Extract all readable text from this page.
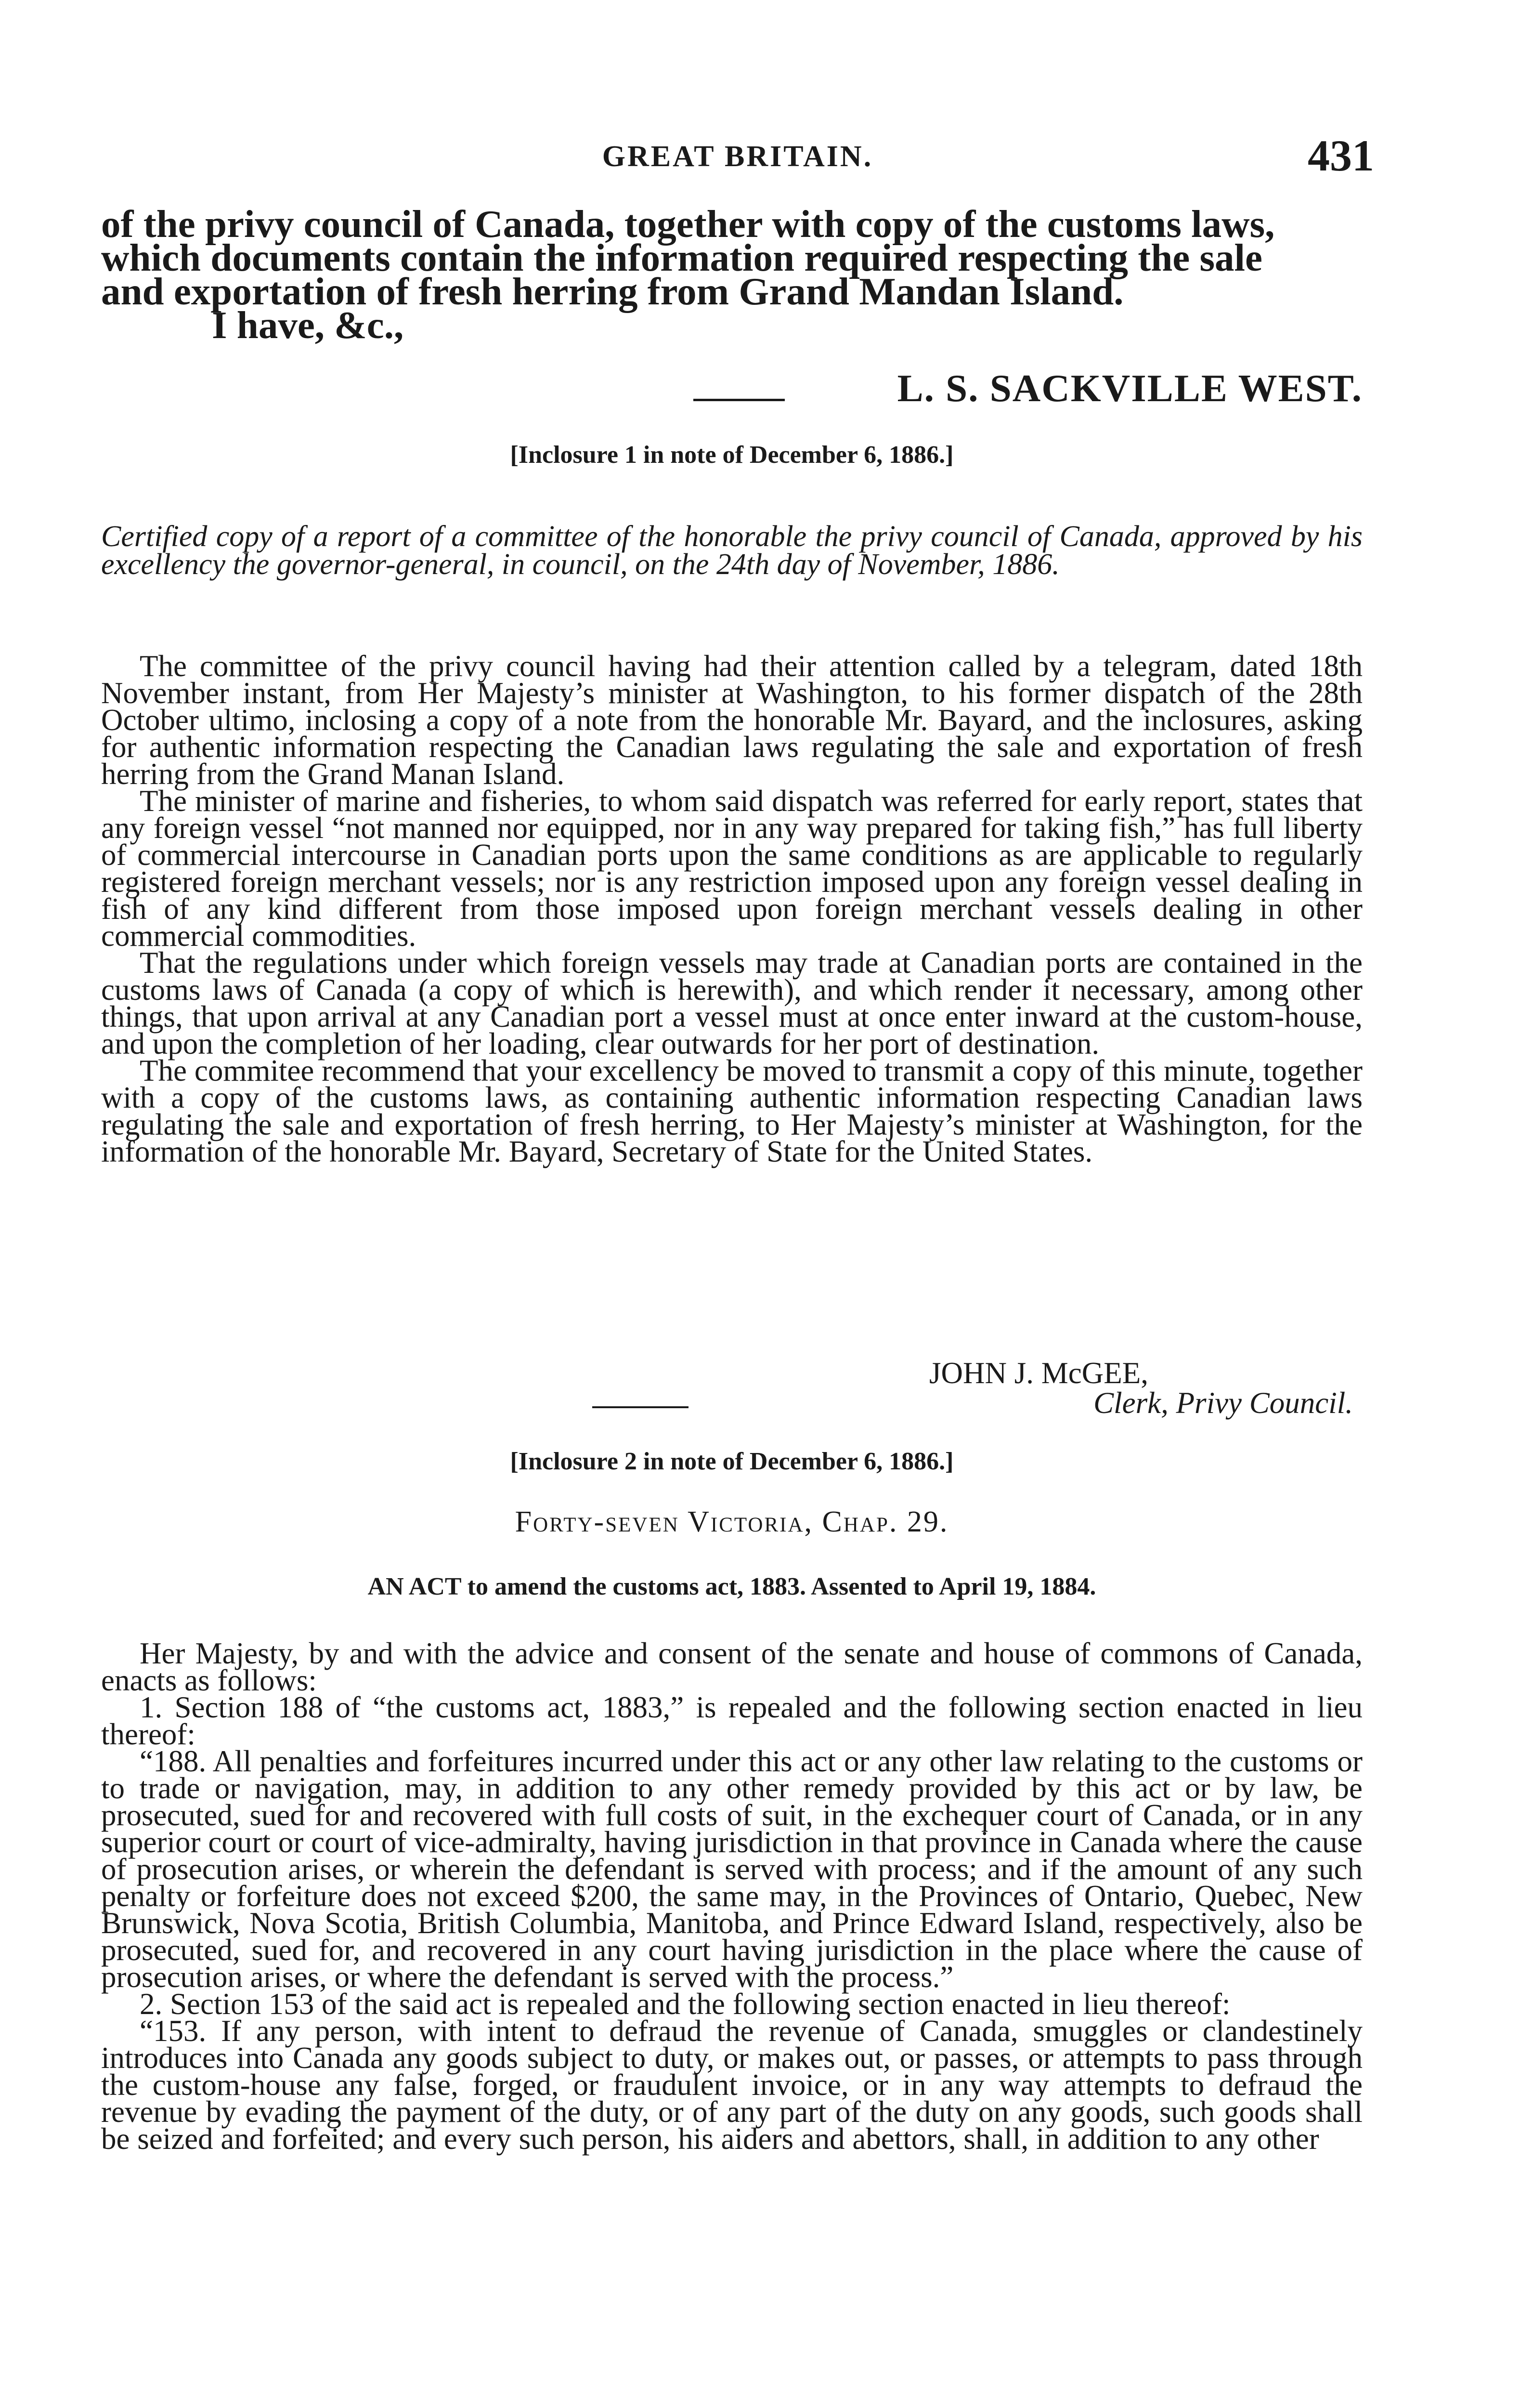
GREAT BRITAIN.	431

of the privy council of Canada, together with copy of the customs laws,

which documents contain the information required respecting the sale

and exportation of fresh herring from Grand Mandan Island.

I have, &c.,

L. S. SACKVILLE WEST.
[Inclosure 1 in note of December 6, 1886.]
Certified copy of a report of a committee of the honorable the privy council of Canada, approved by his excellency the governor-general, in council, on the 24th day of November, 1886.

The committee of the privy council having had their attention called by a telegram, dated 18th November instant, from Her Majesty’s minister at Washington, to his former dispatch of the 28th October ultimo, inclosing a copy of a note from the honorable Mr. Bayard, and the inclosures, asking for authentic information respecting the Canadian laws regulating the sale and exportation of fresh herring from the Grand Manan Island.

The minister of marine and fisheries, to whom said dispatch was referred for early report, states that any foreign vessel “not manned nor equipped, nor in any way prepared for taking fish,” has full liberty of commercial intercourse in Canadian ports upon the same conditions as are applicable to regularly registered foreign merchant vessels; nor is any restriction imposed upon any foreign vessel dealing in fish of any kind different from those imposed upon foreign merchant vessels dealing in other commercial commodities.

That the regulations under which foreign vessels may trade at Canadian ports are contained in the customs laws of Canada (a copy of which is herewith), and which render it necessary, among other things, that upon arrival at any Canadian port a vessel must at once enter inward at the custom-house, and upon the completion of her loading, clear outwards for her port of destination.

The commitee recommend that your excellency be moved to transmit a copy of this minute, together with a copy of the customs laws, as containing authentic information respecting Canadian laws regulating the sale and exportation of fresh herring, to Her Majesty’s minister at Washington, for the information of the honorable Mr. Bayard, Secretary of State for the United States.

JOHN J. McGEE,
Clerk, Privy Council.
[Inclosure 2 in note of December 6, 1886.]
Forty-seven Victoria, Chap. 29.
AN ACT to amend the customs act, 1883. Assented to April 19, 1884.

Her Majesty, by and with the advice and consent of the senate and house of commons of Canada, enacts as follows:

1. Section 188 of “the customs act, 1883,” is repealed and the following section enacted in lieu thereof:

“188. All penalties and forfeitures incurred under this act or any other law relating to the customs or to trade or navigation, may, in addition to any other remedy provided by this act or by law, be prosecuted, sued for and recovered with full costs of suit, in the exchequer court of Canada, or in any superior court or court of vice-admiralty, having jurisdiction in that province in Canada where the cause of prosecution arises, or wherein the defendant is served with process; and if the amount of any such penalty or forfeiture does not exceed $200, the same may, in the Provinces of Ontario, Quebec, New Brunswick, Nova Scotia, British Columbia, Manitoba, and Prince Edward Island, respectively, also be prosecuted, sued for, and recovered in any court having jurisdiction in the place where the cause of prosecution arises, or where the defendant is served with the process.”

2. Section 153 of the said act is repealed and the following section enacted in lieu thereof:

“153. If any person, with intent to defraud the revenue of Canada, smuggles or clandestinely introduces into Canada any goods subject to duty, or makes out, or passes, or attempts to pass through the custom-house any false, forged, or fraudulent invoice, or in any way attempts to defraud the revenue by evading the payment of the duty, or of any part of the duty on any goods, such goods shall be seized and forfeited; and every such person, his aiders and abettors, shall, in addition to any other
